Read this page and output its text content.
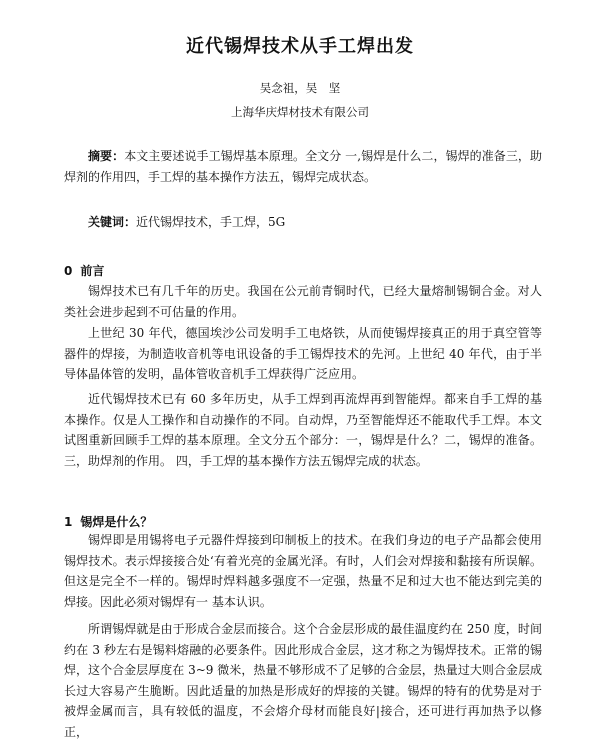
近代锡焊技术从手工焊出发
吴念祖，吴　坚
上海华庆焊材技术有限公司

摘要：本文主要述说手工锡焊基本原理。全文分 一,锡焊是什么二，锡焊的准备三，助焊剂的作用四，手工焊的基本操作方法五，锡焊完成状态。

关键词：近代锡焊技术，手工焊，5G

0 前言

锡焊技术已有几千年的历史。我国在公元前青铜时代，已经大量熔制锡铜合金。对人类社会进步起到不可估量的作用。

上世纪 30 年代，德国埃沙公司发明手工电烙铁，从而使锡焊接真正的用于真空管等器件的焊接，为制造收音机等电讯设备的手工锡焊技术的先河。上世纪 40 年代，由于半导体晶体管的发明，晶体管收音机手工焊获得广泛应用。

近代锡焊技术已有 60 多年历史，从手工焊到再流焊再到智能焊。都来自手工焊的基本操作。仅是人工操作和自动操作的不同。自动焊，乃至智能焊还不能取代手工焊。本文试图重新回顾手工焊的基本原理。全文分五个部分：一，锡焊是什么？二，锡焊的准备。三，助焊剂的作用。 四，手工焊的基本操作方法五锡焊完成的状态。

1 锡焊是什么？

锡焊即是用锡将电子元器件焊接到印制板上的技术。在我们身边的电子产品都会使用锡焊技术。表示焊接接合处‘有着光亮的金属光泽。有时，人们会对焊接和黏接有所误解。但这是完全不一样的。锡焊时焊料越多强度不一定强，热量不足和过大也不能达到完美的焊接。因此必须对锡焊有一 基本认识。

所谓锡焊就是由于形成合金层而接合。这个合金层形成的最佳温度约在 250 度，时间约在 3 秒左右是锡料熔融的必要条件。因此形成合金层，这才称之为锡焊技术。正常的锡焊，这个合金层厚度在 3~9 微米，热量不够形成不了足够的合金层，热量过大则合金层成长过大容易产生脆断。因此适量的加热是形成好的焊接的关键。锡焊的特有的优势是对于被焊金属而言，具有较低的温度，不会熔介母材而能良好|接合，还可进行再加热予以修正，
